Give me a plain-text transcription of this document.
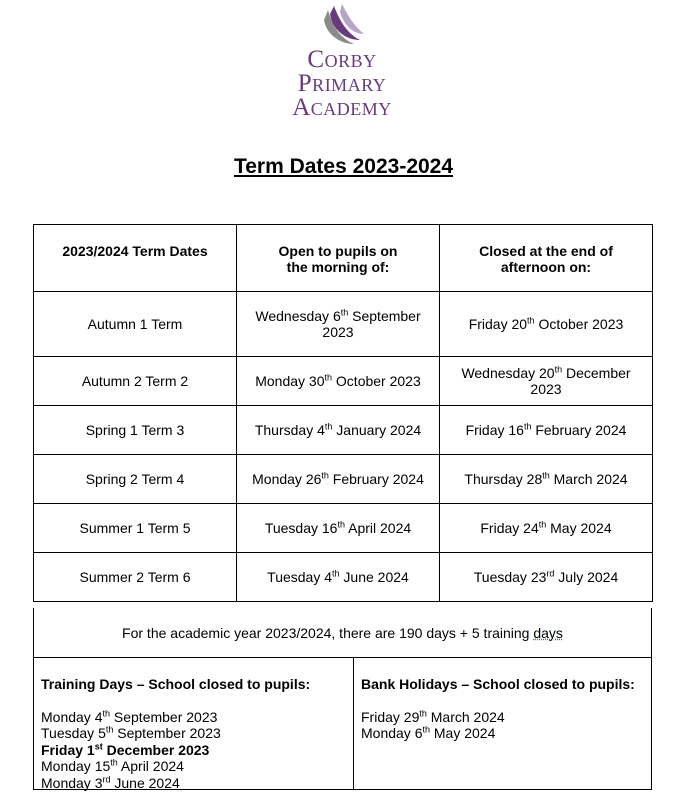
Corby
Primary
Academy
Term Dates 2023-2024
2023/2024 Term Dates	Open to pupils on the morning of:	Closed at the end of afternoon on:
Autumn 1 Term	Wednesday 6th September 2023	Friday 20th October 2023
Autumn 2 Term 2	Monday 30th October 2023	Wednesday 20th December 2023
Spring 1 Term 3	Thursday 4th January 2024	Friday 16th February 2024
Spring 2 Term 4	Monday 26th February 2024	Thursday 28th March 2024
Summer 1 Term 5	Tuesday 16th April 2024	Friday 24th May 2024
Summer 2 Term 6	Tuesday 4th June 2024	Tuesday 23rd July 2024
For the academic year 2023/2024, there are 190 days + 5 training days
Training Days – School closed to pupils:
Monday 4th September 2023
Tuesday 5th September 2023
Friday 1st December 2023
Monday 15th April 2024
Monday 3rd June 2024
Bank Holidays – School closed to pupils:
Friday 29th March 2024
Monday 6th May 2024
